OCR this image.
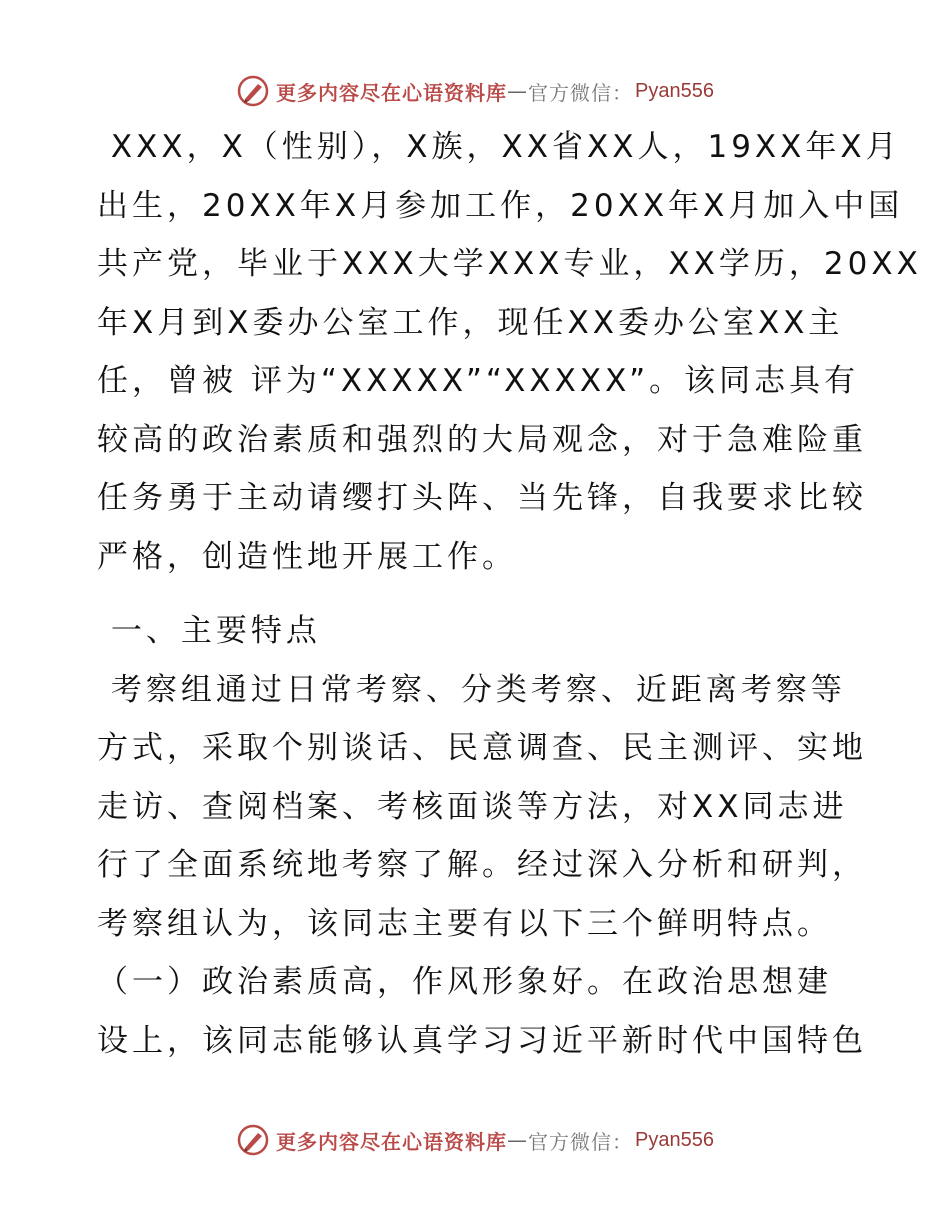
更多内容尽在心语资料库 — 官方微信： Pyan556
XXX，X（性别），X族，XX省XX人，19XX年X月
出生，20XX年X月参加工作，20XX年X月加入中国
共产党，毕业于XXX大学XXX专业，XX学历，20XX
年X月到X委办公室工作，现任XX委办公室XX主
任，曾被 评为“XXXXX”“XXXXX”。该同志具有
较高的政治素质和强烈的大局观念，对于急难险重
任务勇于主动请缨打头阵、当先锋，自我要求比较
严格，创造性地开展工作。
一、主要特点
考察组通过日常考察、分类考察、近距离考察等
方式，采取个别谈话、民意调查、民主测评、实地
走访、查阅档案、考核面谈等方法，对XX同志进
行了全面系统地考察了解。经过深入分析和研判，
考察组认为，该同志主要有以下三个鲜明特点。
（一）政治素质高，作风形象好。在政治思想建
设上，该同志能够认真学习习近平新时代中国特色
更多内容尽在心语资料库 — 官方微信： Pyan556
